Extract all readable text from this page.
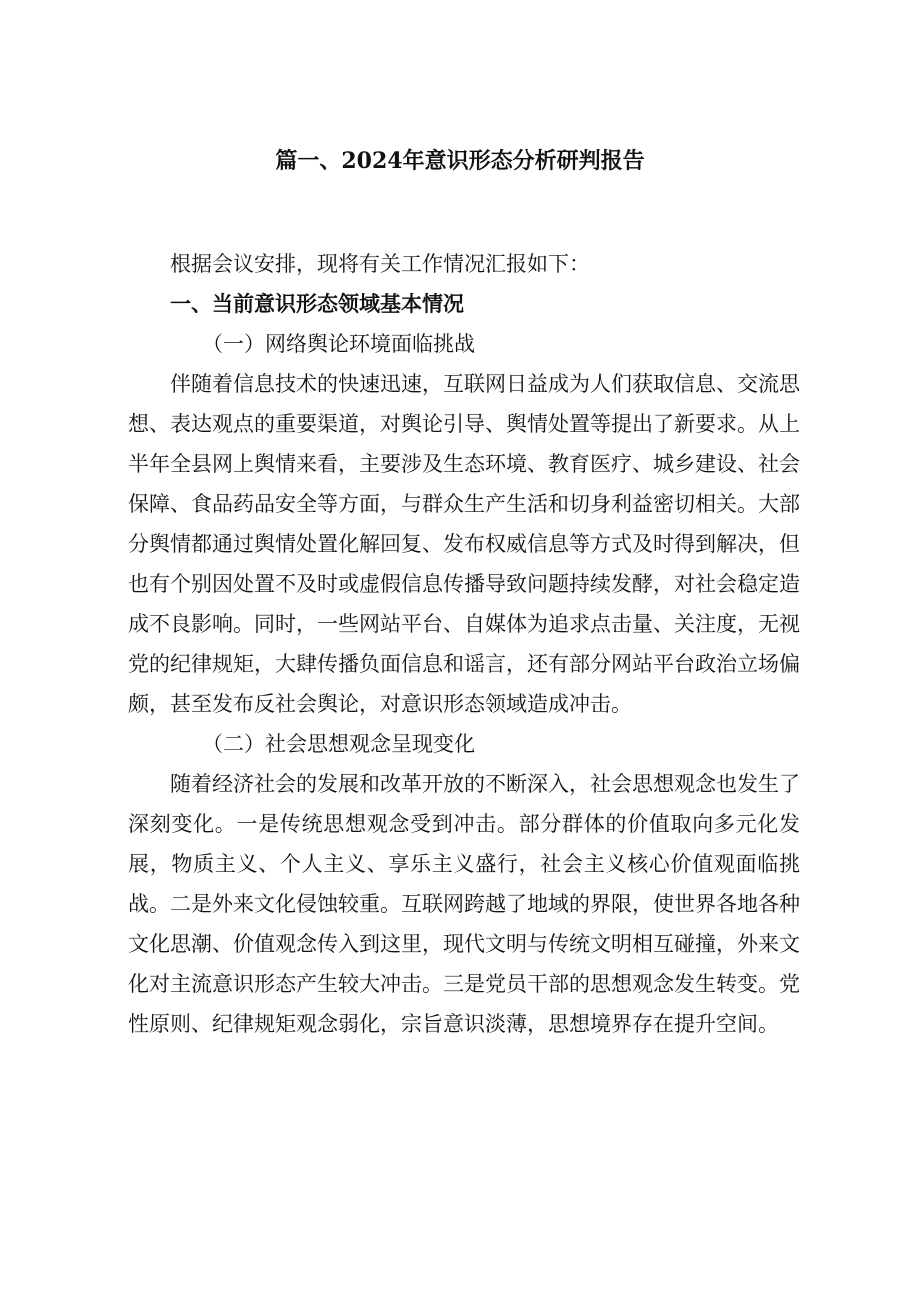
篇一、2024年意识形态分析研判报告

根据会议安排，现将有关工作情况汇报如下：

一、当前意识形态领域基本情况

（一）网络舆论环境面临挑战

伴随着信息技术的快速迅速，互联网日益成为人们获取信息、交流思想、表达观点的重要渠道，对舆论引导、舆情处置等提出了新要求。从上半年全县网上舆情来看，主要涉及生态环境、教育医疗、城乡建设、社会保障、食品药品安全等方面，与群众生产生活和切身利益密切相关。大部分舆情都通过舆情处置化解回复、发布权威信息等方式及时得到解决，但也有个别因处置不及时或虚假信息传播导致问题持续发酵，对社会稳定造成不良影响。同时，一些网站平台、自媒体为追求点击量、关注度，无视党的纪律规矩，大肆传播负面信息和谣言，还有部分网站平台政治立场偏颇，甚至发布反社会舆论，对意识形态领域造成冲击。

（二）社会思想观念呈现变化

随着经济社会的发展和改革开放的不断深入，社会思想观念也发生了深刻变化。一是传统思想观念受到冲击。部分群体的价值取向多元化发展，物质主义、个人主义、享乐主义盛行，社会主义核心价值观面临挑战。二是外来文化侵蚀较重。互联网跨越了地域的界限，使世界各地各种文化思潮、价值观念传入到这里，现代文明与传统文明相互碰撞，外来文化对主流意识形态产生较大冲击。三是党员干部的思想观念发生转变。党性原则、纪律规矩观念弱化，宗旨意识淡薄，思想境界存在提升空间。
